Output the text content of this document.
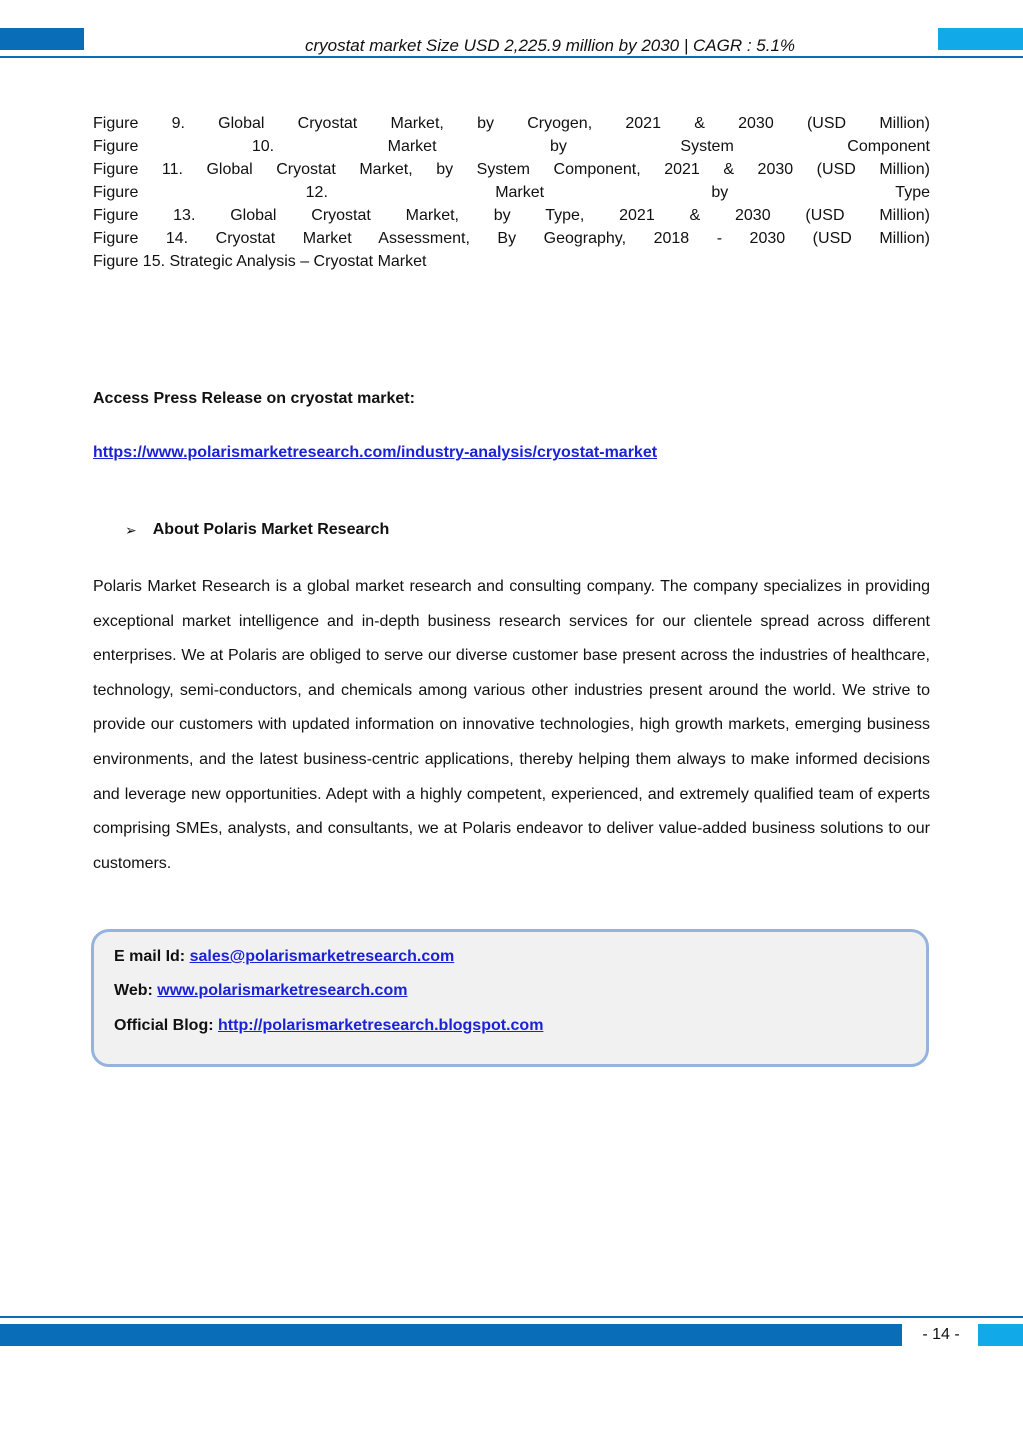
cryostat market Size USD 2,225.9 million by 2030 | CAGR : 5.1%
Figure 9. Global Cryostat Market, by Cryogen, 2021 & 2030 (USD Million)
Figure 10. Market by System Component
Figure 11. Global Cryostat Market, by System Component, 2021 & 2030 (USD Million)
Figure 12. Market by Type
Figure 13. Global Cryostat Market, by Type, 2021 & 2030 (USD Million)
Figure 14. Cryostat Market Assessment, By Geography, 2018 - 2030 (USD Million)
Figure 15. Strategic Analysis – Cryostat Market
Access Press Release on cryostat market:
https://www.polarismarketresearch.com/industry-analysis/cryostat-market
➢ About Polaris Market Research
Polaris Market Research is a global market research and consulting company. The company specializes in providing exceptional market intelligence and in-depth business research services for our clientele spread across different enterprises. We at Polaris are obliged to serve our diverse customer base present across the industries of healthcare, technology, semi-conductors, and chemicals among various other industries present around the world. We strive to provide our customers with updated information on innovative technologies, high growth markets, emerging business environments, and the latest business-centric applications, thereby helping them always to make informed decisions and leverage new opportunities. Adept with a highly competent, experienced, and extremely qualified team of experts comprising SMEs, analysts, and consultants, we at Polaris endeavor to deliver value-added business solutions to our customers.
E mail Id: sales@polarismarketresearch.com
Web: www.polarismarketresearch.com
Official Blog: http://polarismarketresearch.blogspot.com
- 14 -
